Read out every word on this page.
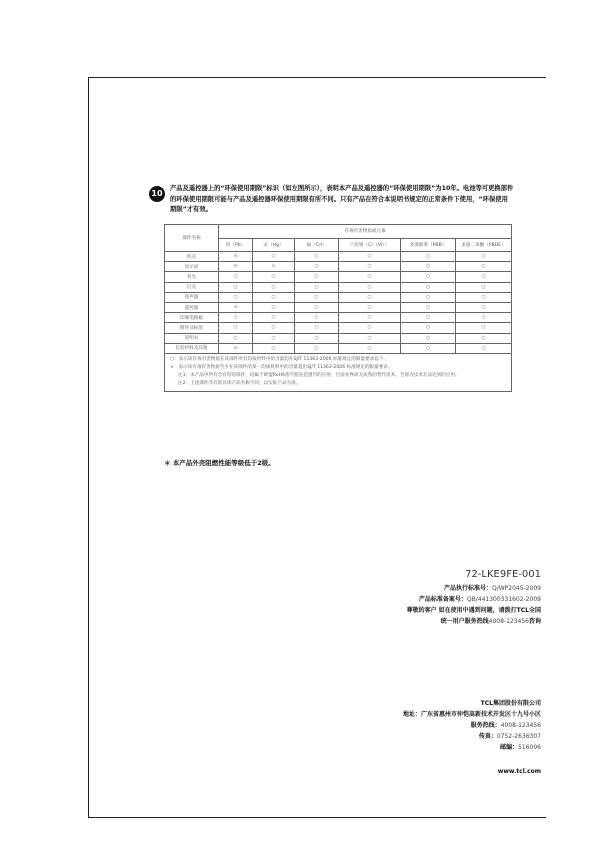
10

产品及遥控器上的“环保使用期限”标识（如左图所示），表明本产品及遥控器的“环保使用期限”为10年。电池等可更换部件的环保使用期限可能与产品及遥控器环保使用期限有所不同。只有产品在符合本说明书规定的正常条件下使用，“环保使用期限”才有效。

部件名称	有毒有害物质或元素					
	铅（Pb）	汞（Hg）	镉（Cd）	六价铬（Cr（VI））	多溴联苯（PBB）	多溴二苯醚（PBDE）
机壳	×	○	○	○	○	○
显示屏	×	×	○	○	○	○
背光	○	○	○	○	○	○
后壳	○	○	○	○	○	○
扬声器	○	○	○	○	○	○
遥控器	×	○	○	○	○	○
印制电路板	○	○	○	○	○	○
附件及标签	○	○	○	○	○	○
说明书	○	○	○	○	○	○
包装材料及其他	×	○	○	○	○	○

○：表示该有毒有害物质在该部件所有均质材料中的含量均在SJ/T 11363-2006 标准规定的限量要求以下。

×：表示该有毒有害物质至少在该部件的某一均质材料中的含量超出SJ/T 11363-2006 标准规定的限量要求。

注1：本产品中所有含有铅的部件，均属于欧盟RoHS指令豁免范围内的应用，目前业界尚无成熟的替代技术，全部为技术无法达到的应用。

注2：上述部件含有的具体产品名称不同，以实际产品为准。						

＊ 本产品外壳阻燃性能等级低于2级。

72-LKE9FE-001

产品执行标准号：Q/WP2045-2009

产品标准备案号：QB/441300331602-2009

尊敬的客户 如在使用中遇到问题，请拨打TCL全国

统一用户服务热线4008-123456咨询

TCL集团股份有限公司

地址：广东省惠州市仲恺高新技术开发区十九号小区

服务热线：4008-123456

传真：0752-2636307

邮编：516006

www.tcl.com
